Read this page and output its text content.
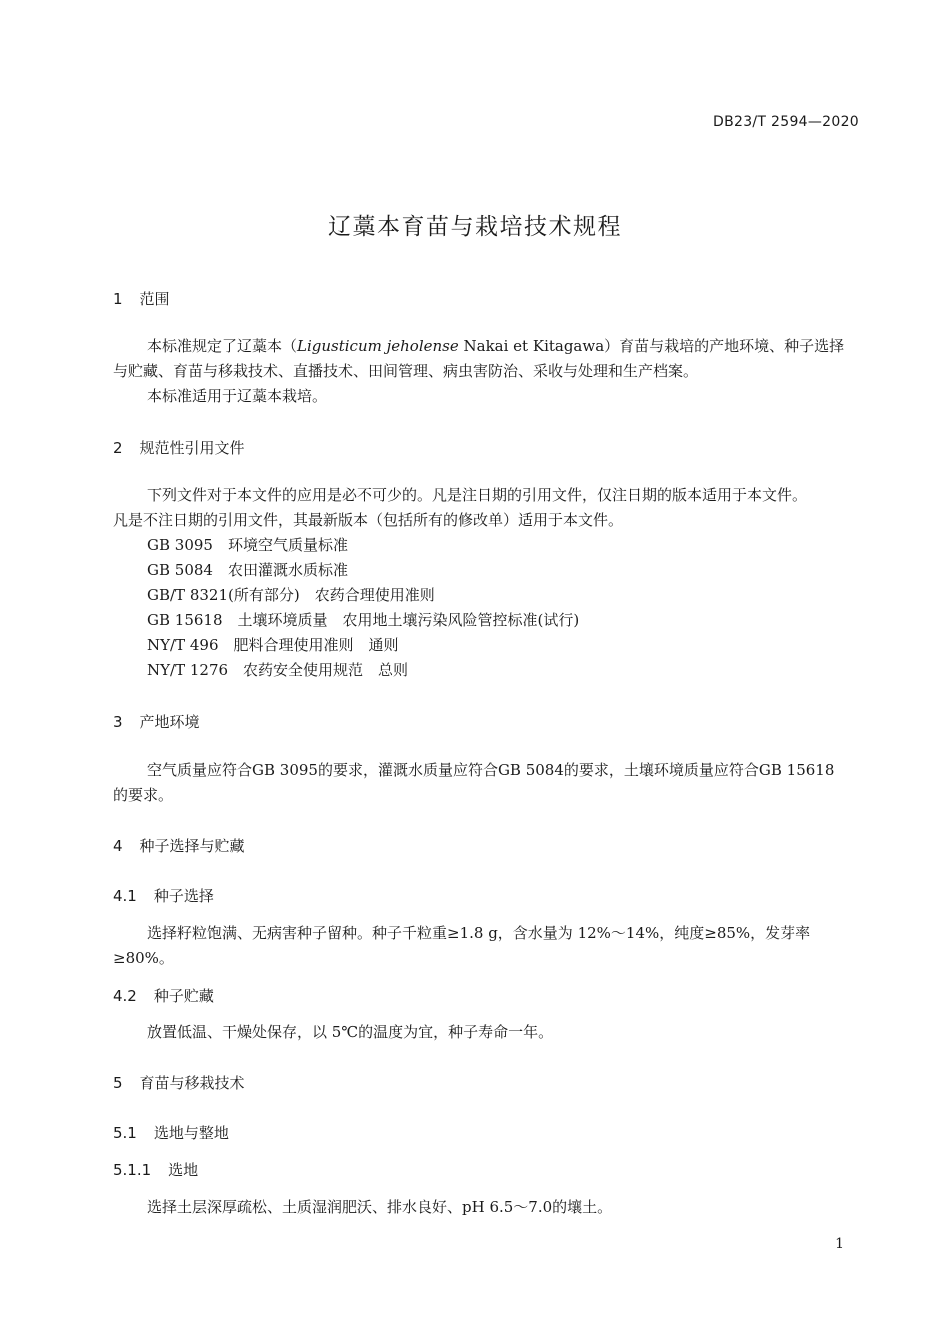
DB23/T 2594—2020
辽藁本育苗与栽培技术规程
1 范围
本标准规定了辽藁本（Ligusticum jeholense Nakai et Kitagawa）育苗与栽培的产地环境、种子选择
与贮藏、育苗与移栽技术、直播技术、田间管理、病虫害防治、采收与处理和生产档案。
本标准适用于辽藁本栽培。
2 规范性引用文件
下列文件对于本文件的应用是必不可少的。凡是注日期的引用文件，仅注日期的版本适用于本文件。
凡是不注日期的引用文件，其最新版本（包括所有的修改单）适用于本文件。
GB 3095　环境空气质量标准
GB 5084　农田灌溉水质标准
GB/T 8321(所有部分)　农药合理使用准则
GB 15618　土壤环境质量　农用地土壤污染风险管控标准(试行)
NY/T 496　肥料合理使用准则　通则
NY/T 1276　农药安全使用规范　总则
3 产地环境
空气质量应符合GB 3095的要求，灌溉水质量应符合GB 5084的要求，土壤环境质量应符合GB 15618
的要求。
4 种子选择与贮藏
4.1 种子选择
选择籽粒饱满、无病害种子留种。种子千粒重≥1.8 g，含水量为 12%～14%，纯度≥85%，发芽率
≥80%。
4.2 种子贮藏
放置低温、干燥处保存，以 5℃的温度为宜，种子寿命一年。
5 育苗与移栽技术
5.1 选地与整地
5.1.1 选地
选择土层深厚疏松、土质湿润肥沃、排水良好、pH 6.5～7.0的壤土。
1
